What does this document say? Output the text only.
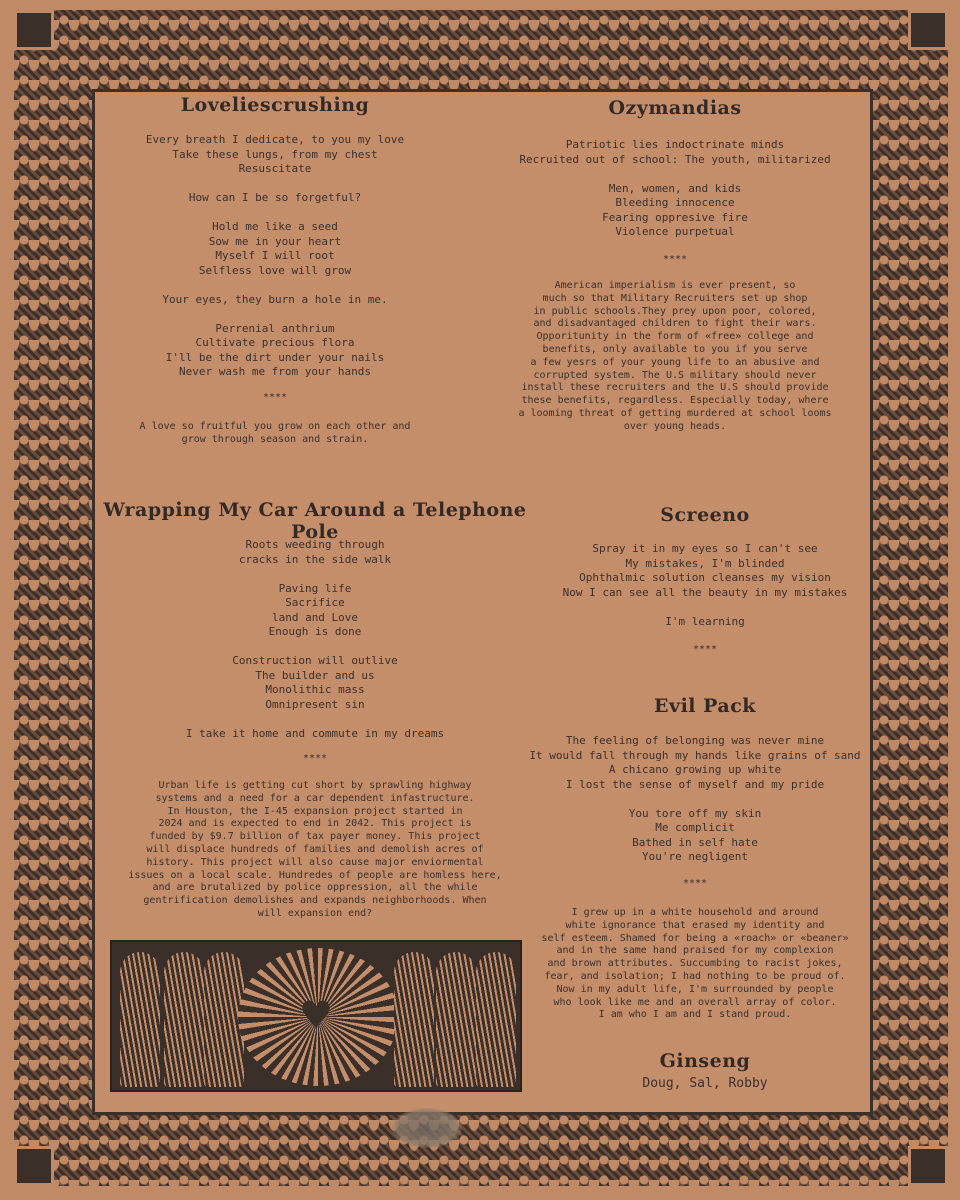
Loveliescrushing
Every breath I dedicate, to you my love
Take these lungs, from my chest
Resuscitate

How can I be so forgetful?

Hold me like a seed
Sow me in your heart
Myself I will root
Selfless love will grow

Your eyes, they burn a hole in me.

Perrenial anthrium
Cultivate precious flora
I'll be the dirt under your nails
Never wash me from your hands
****
A love so fruitful you grow on each other and
grow through season and strain.
Ozymandias
Patriotic lies indoctrinate minds
Recruited out of school: The youth, militarized

Men, women, and kids
Bleeding innocence
Fearing oppresive fire
Violence purpetual
****
American imperialism is ever present, so
much so that Military Recruiters set up shop
in public schools.They prey upon poor, colored,
and disadvantaged children to fight their wars.
Opporitunity in the form of «free» college and
benefits, only available to you if you serve
a few yesrs of your young life to an abusive and
corrupted system. The U.S military should never
install these recruiters and the U.S should provide
these benefits, regardless. Especially today, where
a looming threat of getting murdered at school looms
over young heads.
Wrapping My Car Around a Telephone Pole
Roots weeding through
cracks in the side walk

Paving life
Sacrifice
land and Love
Enough is done

Construction will outlive
The builder and us
Monolithic mass
Omnipresent sin

I take it home and commute in my dreams
****
Urban life is getting cut short by sprawling highway
systems and a need for a car dependent infastructure.
In Houston, the I-45 expansion project started in
2024 and is expected to end in 2042. This project is
funded by $9.7 billion of tax payer money. This project
will displace hundreds of families and demolish acres of
history. This project will also cause major enviormental
issues on a local scale. Hundredes of people are homless here,
and are brutalized by police oppression, all the while
gentrification demolishes and expands neighborhoods. When
will expansion end?
♥
Screeno
Spray it in my eyes so I can't see
My mistakes, I'm blinded
Ophthalmic solution cleanses my vision
Now I can see all the beauty in my mistakes

I'm learning
****
Evil Pack
The feeling of belonging was never mine
It would fall through my hands like grains of sand
A chicano growing up white
I lost the sense of myself and my pride

You tore off my skin
Me complicit
Bathed in self hate
You're negligent
****
I grew up in a white household and around
white ignorance that erased my identity and
self esteem. Shamed for being a «roach» or «beaner»
and in the same hand praised for my complexion
and brown attributes. Succumbing to racist jokes,
fear, and isolation; I had nothing to be proud of.
Now in my adult life, I'm surrounded by people
who look like me and an overall array of color.
I am who I am and I stand proud.
Ginseng
Doug, Sal, Robby
